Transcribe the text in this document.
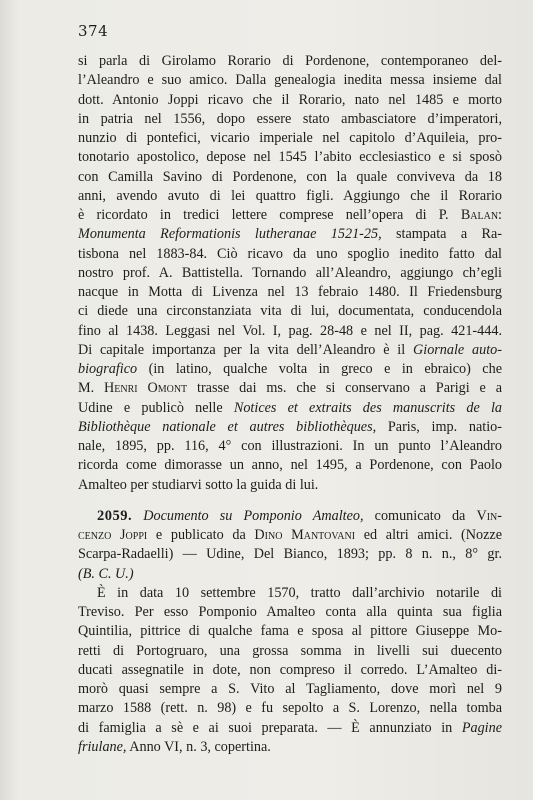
374
si parla di Girolamo Rorario di Pordenone, contemporaneo del-
l’Aleandro e suo amico. Dalla genealogia inedita messa insieme dal
dott. Antonio Joppi ricavo che il Rorario, nato nel 1485 e morto
in patria nel 1556, dopo essere stato ambasciatore d’imperatori,
nunzio di pontefici, vicario imperiale nel capitolo d’Aquileia, pro-
tonotario apostolico, depose nel 1545 l’abito ecclesiastico e si sposò
con Camilla Savino di Pordenone, con la quale conviveva da 18
anni, avendo avuto di lei quattro figli. Aggiungo che il Rorario
è ricordato in tredici lettere comprese nell’opera di P. Balan:
Monumenta Reformationis lutheranae 1521-25, stampata a Ra-
tisbona nel 1883-84. Ciò ricavo da uno spoglio inedito fatto dal
nostro prof. A. Battistella. Tornando all’Aleandro, aggiungo ch’egli
nacque in Motta di Livenza nel 13 febraio 1480. Il Friedensburg
ci diede una circonstanziata vita di lui, documentata, conducendola
fino al 1438. Leggasi nel Vol. I, pag. 28-48 e nel II, pag. 421-444.
Di capitale importanza per la vita dell’Aleandro è il Giornale auto-
biografico (in latino, qualche volta in greco e in ebraico) che
M. Henri Omont trasse dai ms. che si conservano a Parigi e a
Udine e publicò nelle Notices et extraits des manuscrits de la
Bibliothèque nationale et autres bibliothèques, Paris, imp. natio-
nale, 1895, pp. 116, 4° con illustrazioni. In un punto l’Aleandro
ricorda come dimorasse un anno, nel 1495, a Pordenone, con Paolo
Amalteo per studiarvi sotto la guida di lui.
2059. Documento su Pomponio Amalteo, comunicato da Vin-
cenzo Joppi e publicato da Dino Mantovani ed altri amici. (Nozze
Scarpa-Radaelli) — Udine, Del Bianco, 1893; pp. 8 n. n., 8° gr.
(B. C. U.)
È in data 10 settembre 1570, tratto dall’archivio notarile di
Treviso. Per esso Pomponio Amalteo conta alla quinta sua figlia
Quintilia, pittrice di qualche fama e sposa al pittore Giuseppe Mo-
retti di Portogruaro, una grossa somma in livelli sui duecento
ducati assegnatile in dote, non compreso il corredo. L’Amalteo di-
morò quasi sempre a S. Vito al Tagliamento, dove morì nel 9
marzo 1588 (rett. n. 98) e fu sepolto a S. Lorenzo, nella tomba
di famiglia a sè e ai suoi preparata. — È annunziato in Pagine
friulane, Anno VI, n. 3, copertina.
